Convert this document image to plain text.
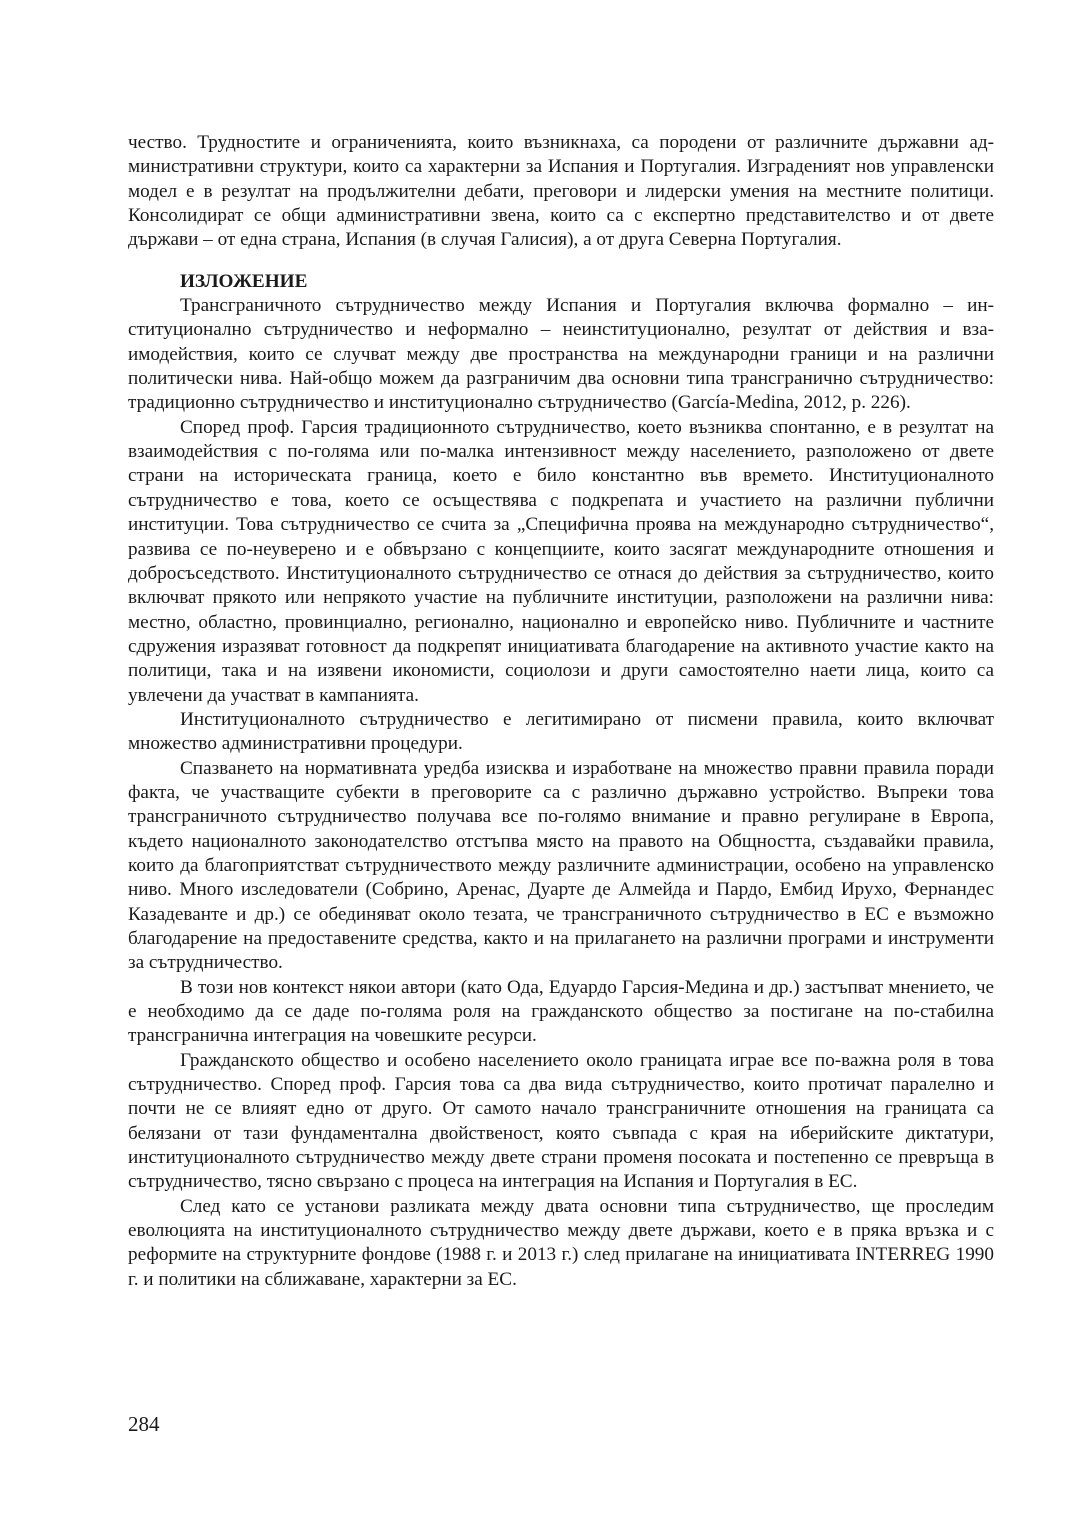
чество. Трудностите и ограниченията, които възникнаха, са породени от различните държавни административни структури, които са характерни за Испания и Португалия. Изградeният нов управленски модел е в резултат на продължителни дебати, преговори и лидерски умения на местните политици. Консолидират се общи административни звена, които са с експертно представителство и от двете държави – от една страна, Испания (в случая Галисия), а от друга Северна Португалия.

ИЗЛОЖЕНИЕ

Трансграничното сътрудничество между Испания и Португалия включва формално – институционално сътрудничество и неформално – неинституционално, резултат от действия и взаимодействия, които се случват между две пространства на международни граници и на различни политически нива. Най-общо можем да разграничим два основни типа трансгранично сътрудничество: традиционно сътрудничество и институционално сътрудничество (García-Medina, 2012, p. 226).

Според проф. Гарсия традиционното сътрудничество, което възниква спонтанно, е в резултат на взаимодействия с по-голяма или по-малка интензивност между населението, разположено от двете страни на историческата граница, което е било константно във времето. Институционалното сътрудничество е това, което се осъществява с подкрепата и участието на различни публични институции. Това сътрудничество се счита за „Специфична проява на международно сътрудничество“, развива се по-неуверено и е обвързано с концепциите, които засягат международните отношения и добросъседството. Институционалното сътрудничество се отнася до действия за сътрудничество, които включват прякото или непрякото участие на публичните институции, разположени на различни нива: местно, областно, провинциално, регионално, национално и европейско ниво. Публичните и частните сдружения изразяват готовност да подкрепят инициативата благодарение на активното участие както на политици, така и на изявени икономисти, социолози и други самостоятелно наети лица, които са увлечени да участват в кампанията.

Институционалното сътрудничество е легитимирано от писмени правила, които включват множество административни процедури.

Спазването на нормативната уредба изисква и изработване на множество правни правила поради факта, че участващите субекти в преговорите са с различно държавно устройство. Въпреки това трансграничното сътрудничество получава все по-голямо внимание и правно регулиране в Европа, където националното законодателство отстъпва място на правото на Общността, създавайки правила, които да благоприятстват сътрудничеството между различните администрации, особено на управленско ниво. Много изследователи (Собрино, Аренас, Дуарте де Алмейда и Пардо, Ембид Ирухо, Фернандес Казадеванте и др.) се обединяват около тезата, че трансграничното сътрудничество в ЕС е възможно благодарение на предоставените средства, както и на прилагането на различни програми и инструменти за сътрудничество.

В този нов контекст някои автори (като Ода, Едуардо Гарсия-Медина и др.) застъпват мнението, че е необходимо да се даде по-голяма роля на гражданското общество за постигане на по-стабилна трансгранична интеграция на човешките ресурси.

Гражданското общество и особено населението около границата играе все по-важна роля в това сътрудничество. Според проф. Гарсия това са два вида сътрудничество, които протичат паралелно и почти не се влияят едно от друго. От самото начало трансграничните отношения на границата са белязани от тази фундаментална двойственост, която съвпада с края на иберийските диктатури, институционалното сътрудничество между двете страни променя посоката и постепенно се превръща в сътрудничество, тясно свързано с процеса на интеграция на Испания и Португалия в ЕС.

След като се установи разликата между двата основни типа сътрудничество, ще проследим еволюцията на институционалното сътрудничество между двете държави, което е в пряка връзка и с реформите на структурните фондове (1988 г. и 2013 г.) след прилагане на инициативата INTERREG 1990 г. и политики на сближаване, характерни за ЕС.

284
